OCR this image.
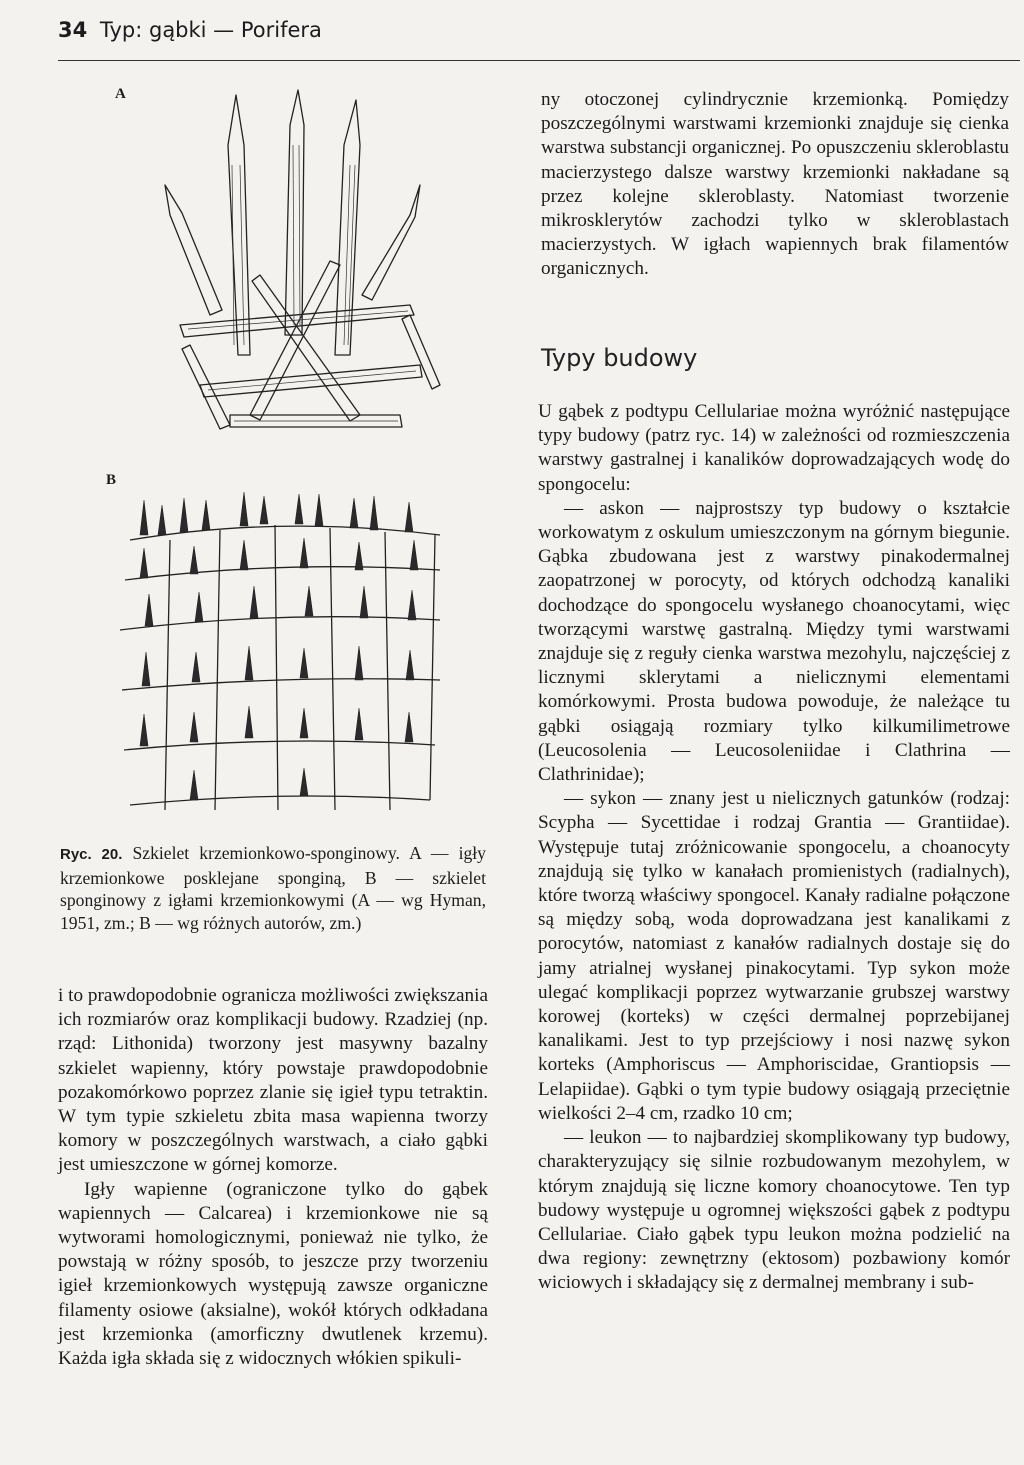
34 Typ: gąbki — Porifera
A
B
Ryc. 20. Szkielet krzemionkowo-sponginowy. A — igły krzemionkowe posklejane sponginą, B — szkielet sponginowy z igłami krzemionkowymi (A — wg Hyman, 1951, zm.; B — wg różnych autorów, zm.)

i to prawdopodobnie ogranicza możliwości zwiększania ich rozmiarów oraz komplikacji budowy. Rzadziej (np. rząd: Lithonida) tworzony jest masywny bazalny szkielet wapienny, który powstaje prawdopodobnie pozakomórkowo poprzez zlanie się igieł typu tetraktin. W tym typie szkieletu zbita masa wapienna tworzy komory w poszczególnych warstwach, a ciało gąbki jest umieszczone w górnej komorze.

Igły wapienne (ograniczone tylko do gąbek wapiennych — Calcarea) i krzemionkowe nie są wytworami homologicznymi, ponieważ nie tylko, że powstają w różny sposób, to jeszcze przy tworzeniu igieł krzemionkowych występują zawsze organiczne filamenty osiowe (aksialne), wokół których odkładana jest krzemionka (amorficzny dwutlenek krzemu). Każda igła składa się z widocznych włókien spikuli-

ny otoczonej cylindrycznie krzemionką. Pomiędzy poszczególnymi warstwami krzemionki znajduje się cienka warstwa substancji organicznej. Po opuszczeniu skleroblastu macierzystego dalsze warstwy krzemionki nakładane są przez kolejne skleroblasty. Natomiast tworzenie mikrosklerytów zachodzi tylko w skleroblastach macierzystych. W igłach wapiennych brak filamentów organicznych.

Typy budowy

U gąbek z podtypu Cellulariae można wyróżnić następujące typy budowy (patrz ryc. 14) w zależności od rozmieszczenia warstwy gastralnej i kanalików doprowadzających wodę do spongocelu:

— askon — najprostszy typ budowy o kształcie workowatym z oskulum umieszczonym na górnym biegunie. Gąbka zbudowana jest z warstwy pinakodermalnej zaopatrzonej w porocyty, od których odchodzą kanaliki dochodzące do spongocelu wysłanego choanocytami, więc tworzącymi warstwę gastralną. Między tymi warstwami znajduje się z reguły cienka warstwa mezohylu, najczęściej z licznymi sklerytami a nielicznymi elementami komórkowymi. Prosta budowa powoduje, że należące tu gąbki osiągają rozmiary tylko kilkumilimetrowe (Leucosolenia — Leucosoleniidae i Clathrina — Clathrinidae);

— sykon — znany jest u nielicznych gatunków (rodzaj: Scypha — Sycettidae i rodzaj Grantia — Grantiidae). Występuje tutaj zróżnicowanie spongocelu, a choanocyty znajdują się tylko w kanałach promienistych (radialnych), które tworzą właściwy spongocel. Kanały radialne połączone są między sobą, woda doprowadzana jest kanalikami z porocytów, natomiast z kanałów radialnych dostaje się do jamy atrialnej wysłanej pinakocytami. Typ sykon może ulegać komplikacji poprzez wytwarzanie grubszej warstwy korowej (korteks) w części dermalnej poprzebijanej kanalikami. Jest to typ przejściowy i nosi nazwę sykon korteks (Amphoriscus — Amphoriscidae, Grantiopsis — Lelapiidae). Gąbki o tym typie budowy osiągają przeciętnie wielkości 2–4 cm, rzadko 10 cm;

— leukon — to najbardziej skomplikowany typ budowy, charakteryzujący się silnie rozbudowanym mezohylem, w którym znajdują się liczne komory choanocytowe. Ten typ budowy występuje u ogromnej większości gąbek z podtypu Cellulariae. Ciało gąbek typu leukon można podzielić na dwa regiony: zewnętrzny (ektosom) pozbawiony komór wiciowych i składający się z dermalnej membrany i sub-
